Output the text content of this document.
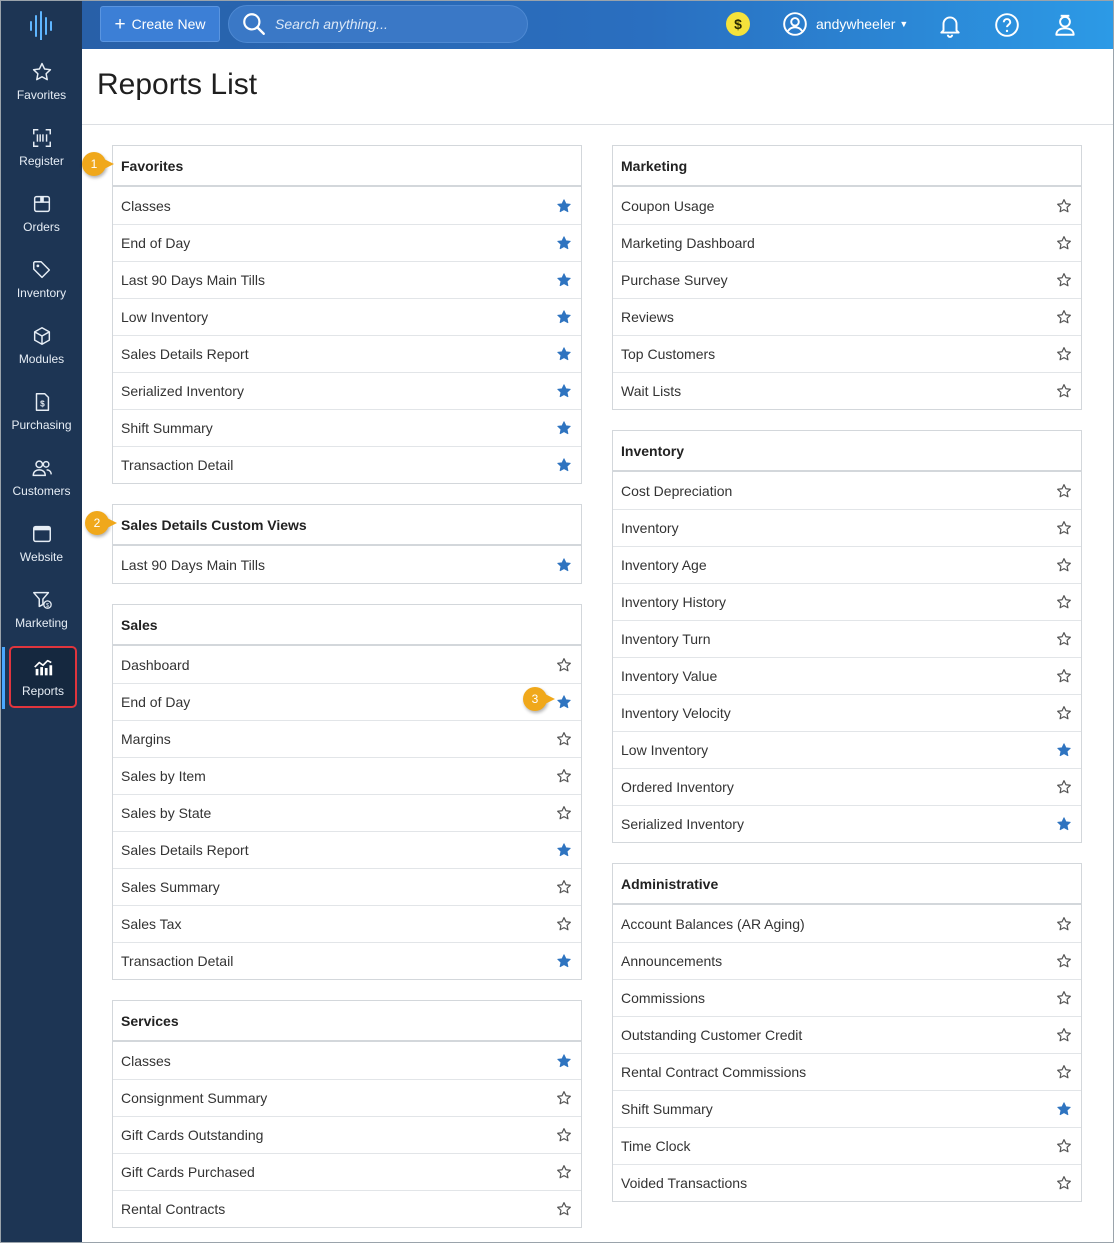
Favorites
Register
Orders
Inventory
Modules
$
Purchasing
Customers
Website
$
Marketing
Reports
+ Create New	Search anything...	$	andywheeler ▼
Reports List
Favorites
Classes
End of Day
Last 90 Days Main Tills
Low Inventory
Sales Details Report
Serialized Inventory
Shift Summary
Transaction Detail
Sales Details Custom Views
Last 90 Days Main Tills
Sales
Dashboard
End of Day
Margins
Sales by Item
Sales by State
Sales Details Report
Sales Summary
Sales Tax
Transaction Detail
Services
Classes
Consignment Summary
Gift Cards Outstanding
Gift Cards Purchased
Rental Contracts
Marketing
Coupon Usage
Marketing Dashboard
Purchase Survey
Reviews
Top Customers
Wait Lists
Inventory
Cost Depreciation
Inventory
Inventory Age
Inventory History
Inventory Turn
Inventory Value
Inventory Velocity
Low Inventory
Ordered Inventory
Serialized Inventory
Administrative
Account Balances (AR Aging)
Announcements
Commissions
Outstanding Customer Credit
Rental Contract Commissions
Shift Summary
Time Clock
Voided Transactions
1
2
3
